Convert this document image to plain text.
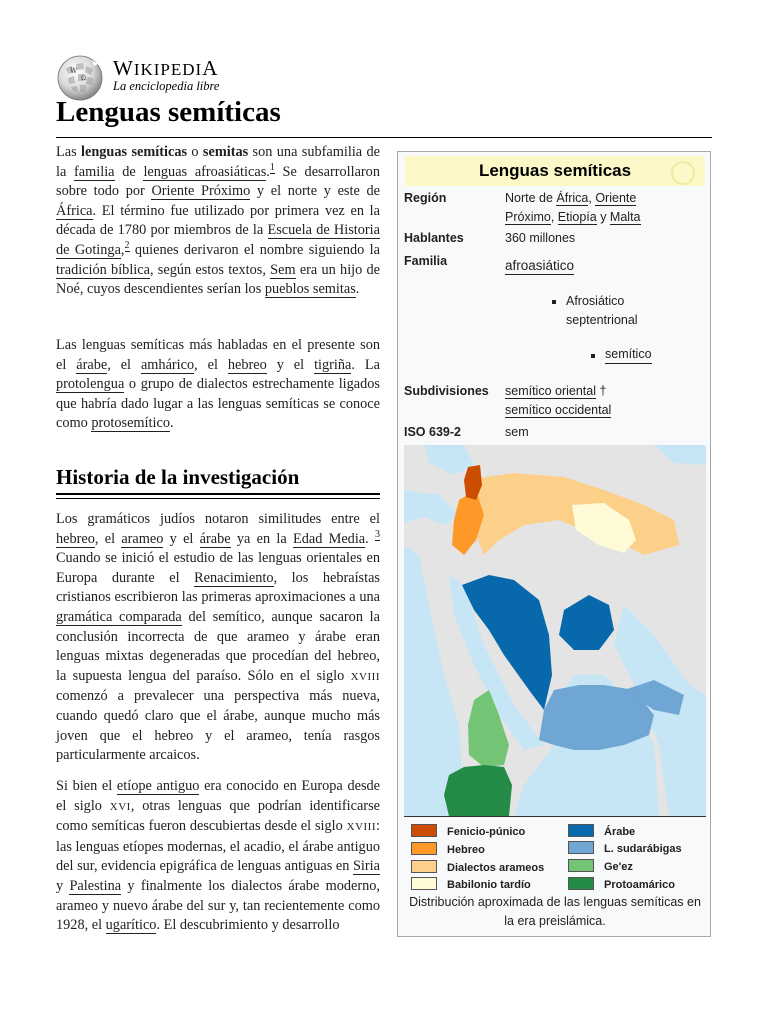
W
Ω WIKIPEDIA
La enciclopedia libre
Lenguas semíticas

Las lenguas semíticas o semitas son una subfamilia de la familia de lenguas afroasiáticas.$^1$ Se desarrollaron sobre todo por Oriente Próximo y el norte y este de África. El término fue utilizado por primera vez en la década de 1780 por miembros de la Escuela de Historia de Gotinga,$^2$ quienes derivaron el nombre siguiendo la tradición bíblica, según estos textos, Sem era un hijo de Noé, cuyos descendientes serían los pueblos semitas.

Las lenguas semíticas más habladas en el presente son el árabe, el amhárico, el hebreo y el tigriña. La protolengua o grupo de dialectos estrechamente ligados que habría dado lugar a las lenguas semíticas se conoce como protosemítico.

Historia de la investigación

Los gramáticos judíos notaron similitudes entre el hebreo, el arameo y el árabe ya en la Edad Media. $^3$ Cuando se inició el estudio de las lenguas orientales en Europa durante el Renacimiento, los hebraístas cristianos escribieron las primeras aproximaciones a una gramática comparada del semítico, aunque sacaron la conclusión incorrecta de que arameo y árabe eran lenguas mixtas degeneradas que procedían del hebreo, la supuesta lengua del paraíso. Sólo en el siglo XVIII comenzó a prevalecer una perspectiva más nueva, cuando quedó claro que el árabe, aunque mucho más joven que el hebreo y el arameo, tenía rasgos particularmente arcaicos.

Si bien el etíope antiguo era conocido en Europa desde el siglo XVI, otras lenguas que podrían identificarse como semíticas fueron descubiertas desde el siglo XVIII: las lenguas etíopes modernas, el acadio, el árabe antiguo del sur, evidencia epigráfica de lenguas antiguas en Siria y Palestina y finalmente los dialectos árabe moderno, arameo y nuevo árabe del sur y, tan recientemente como 1928, el ugarítico. El descubrimiento y desarrollo

Lenguas semíticas
Región	Norte de África, Oriente
Próximo, Etiopía y Malta
Hablantes	360 millones
Familia	afroasiático
Afrosiático
septentrional
semítico
Subdivisiones semítico oriental †
semítico occidental
ISO 639-2	sem
Fenicio-púnico
Hebreo
Dialectos arameos
Babilonio tardío
Árabe
L. sudarábigas
Ge'ez
Protoamárico
Distribución aproximada de las lenguas semíticas en la era preislámica.
